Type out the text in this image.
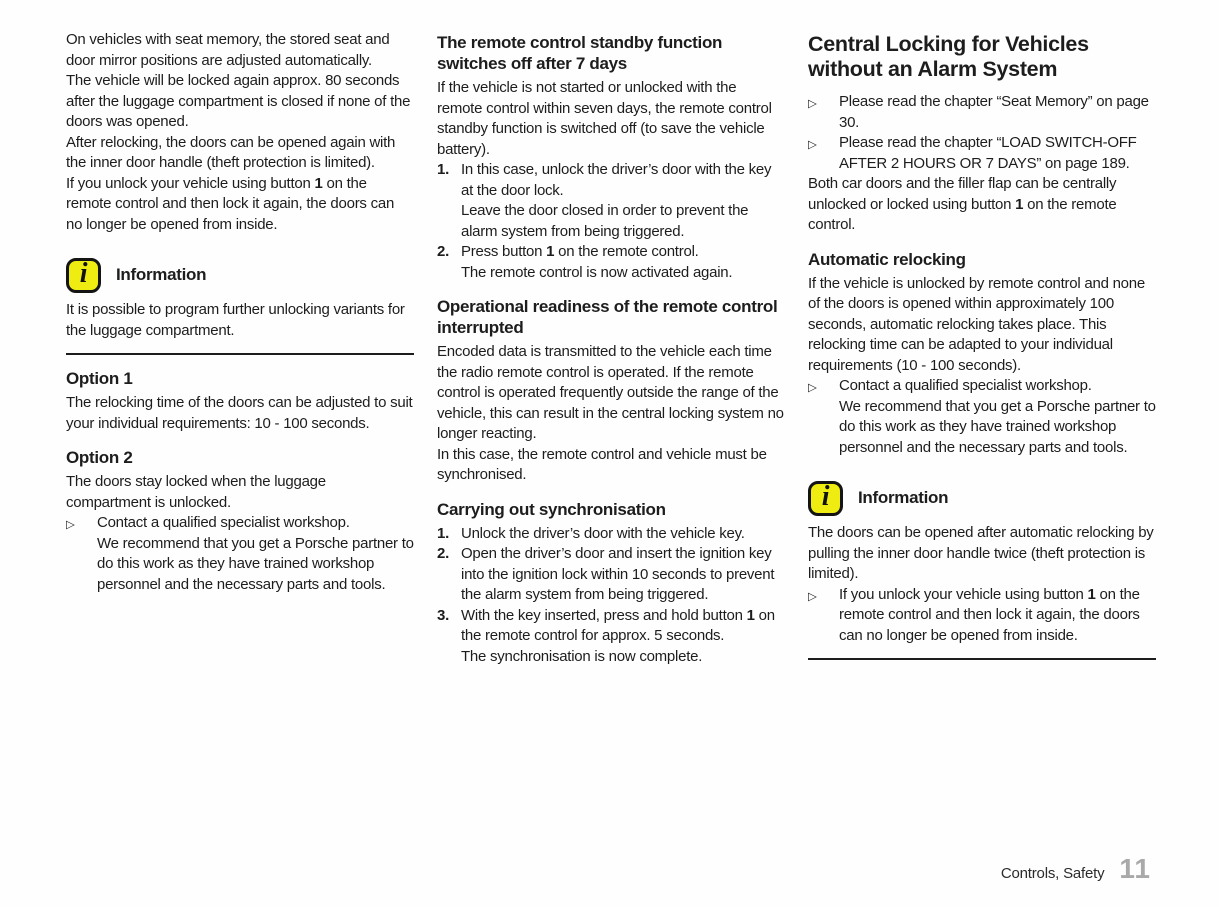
On vehicles with seat memory, the stored seat and door mirror positions are adjusted automatically.

The vehicle will be locked again approx. 80 seconds after the luggage compartment is closed if none of the doors was opened.

After relocking, the doors can be opened again with the inner door handle (theft protection is limited).

If you unlock your vehicle using button 1 on the remote control and then lock it again, the doors can no longer be opened from inside.

i	Information

It is possible to program further unlocking variants for the luggage compartment.

Option 1

The relocking time of the doors can be adjusted to suit your individual requirements: 10 - 100 seconds.

Option 2

The doors stay locked when the luggage compartment is unlocked.

▷	Contact a qualified specialist workshop.

We recommend that you get a Porsche partner to do this work as they have trained workshop personnel and the necessary parts and tools.

The remote control standby function switches off after 7 days

If the vehicle is not started or unlocked with the remote control within seven days, the remote control standby function is switched off (to save the vehicle battery).

1. In this case, unlock the driver’s door with the key at the door lock.

Leave the door closed in order to prevent the alarm system from being triggered.

2. Press button 1 on the remote control.

The remote control is now activated again.

Operational readiness of the remote control interrupted

Encoded data is transmitted to the vehicle each time the radio remote control is operated. If the remote control is operated frequently outside the range of the vehicle, this can result in the central locking system no longer reacting.

In this case, the remote control and vehicle must be synchronised.

Carrying out synchronisation
1. Unlock the driver’s door with the vehicle key.

2. Open the driver’s door and insert the ignition key into the ignition lock within 10 seconds to prevent the alarm system from being triggered.

3. With the key inserted, press and hold button 1 on the remote control for approx. 5 seconds.

The synchronisation is now complete.

Central Locking for Vehicles without an Alarm System
▷	Please read the chapter “Seat Memory” on page 30.

▷	Please read the chapter “LOAD SWITCH-OFF AFTER 2 HOURS OR 7 DAYS” on page 189.

Both car doors and the filler flap can be centrally unlocked or locked using button 1 on the remote control.

Automatic relocking

If the vehicle is unlocked by remote control and none of the doors is opened within approximately 100 seconds, automatic relocking takes place. This relocking time can be adapted to your individual requirements (10 - 100 seconds).

▷	Contact a qualified specialist workshop.

We recommend that you get a Porsche partner to do this work as they have trained workshop personnel and the necessary parts and tools.

i	Information

The doors can be opened after automatic relocking by pulling the inner door handle twice (theft protection is limited).

▷	If you unlock your vehicle using button 1 on the remote control and then lock it again, the doors can no longer be opened from inside.

Controls, Safety 11
